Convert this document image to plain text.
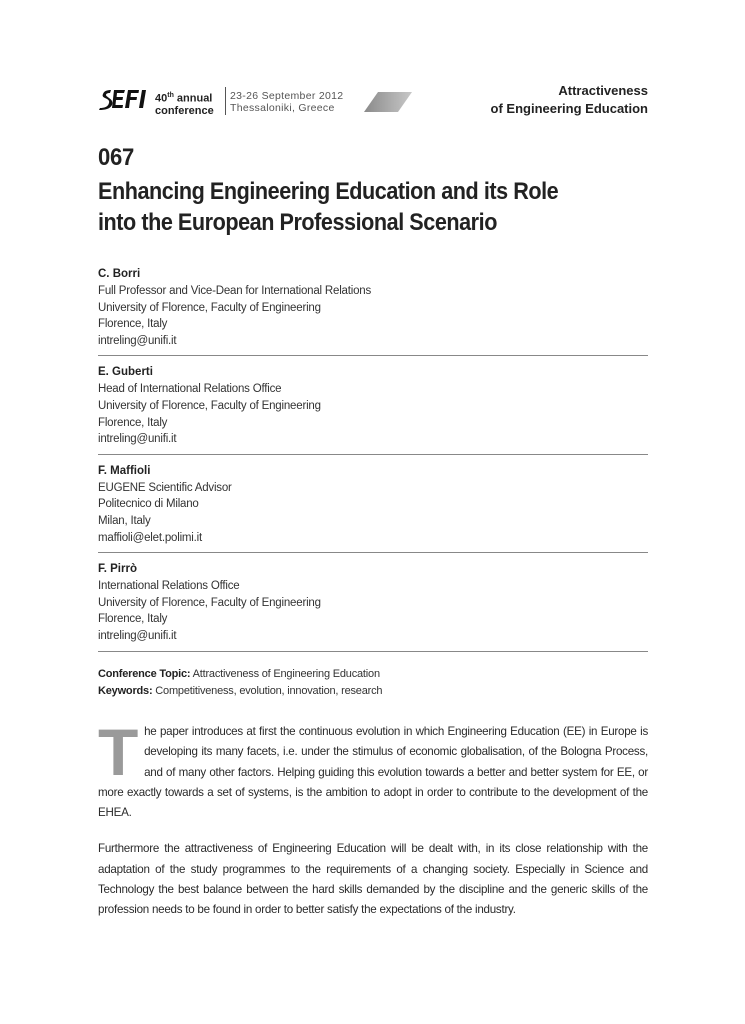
40th annual
conference
23-26 September 2012
Thessaloniki, Greece
Attractiveness
of Engineering Education
067
Enhancing Engineering Education and its Role
into the European Professional Scenario
C. Borri
Full Professor and Vice-Dean for International Relations
University of Florence, Faculty of Engineering
Florence, Italy
intreling@unifi.it
E. Guberti
Head of International Relations Office
University of Florence, Faculty of Engineering
Florence, Italy
intreling@unifi.it
F. Maffioli
EUGENE Scientific Advisor
Politecnico di Milano
Milan, Italy
maffioli@elet.polimi.it
F. Pirrò
International Relations Office
University of Florence, Faculty of Engineering
Florence, Italy
intreling@unifi.it
Conference Topic: Attractiveness of Engineering Education
Keywords: Competitiveness, evolution, innovation, research

The paper introduces at first the continuous evolution in which Engineering Education (EE) in Europe is developing its many facets, i.e. under the stimulus of economic globalisation, of the Bologna Process, and of many other factors. Helping guiding this evolution towards a better and better system for EE, or more exactly towards a set of systems, is the ambition to adopt in order to contribute to the development of the EHEA.

Furthermore the attractiveness of Engineering Education will be dealt with, in its close relationship with the adaptation of the study programmes to the requirements of a changing society. Especially in Science and Technology the best balance between the hard skills demanded by the discipline and the generic skills of the profession needs to be found in order to better satisfy the expectations of the industry.
